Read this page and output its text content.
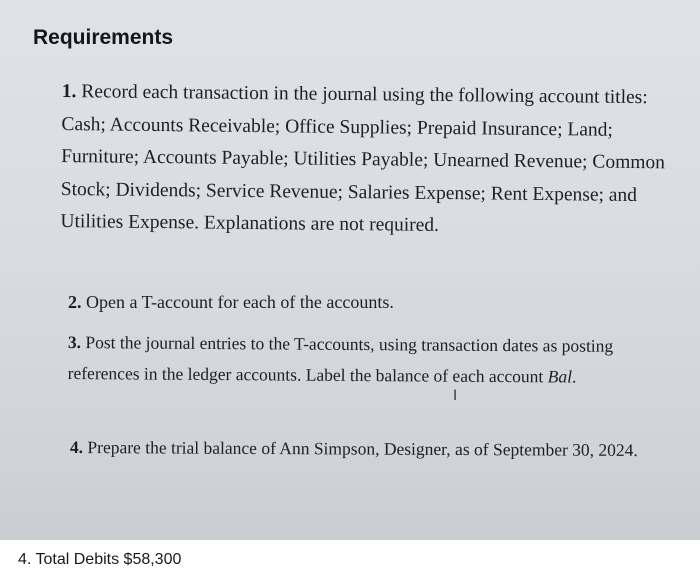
Requirements

1. Record each transaction in the journal using the following account titles: Cash; Accounts Receivable; Office Supplies; Prepaid Insurance; Land; Furniture; Accounts Payable; Utilities Payable; Unearned Revenue; Common Stock; Dividends; Service Revenue; Salaries Expense; Rent Expense; and Utilities Expense. Explanations are not required.

2. Open a T-account for each of the accounts.

3. Post the journal entries to the T-accounts, using transaction dates as posting references in the ledger accounts. Label the balance of each account Bal.

I

4. Prepare the trial balance of Ann Simpson, Designer, as of September 30, 2024.

4. Total Debits $58,300
